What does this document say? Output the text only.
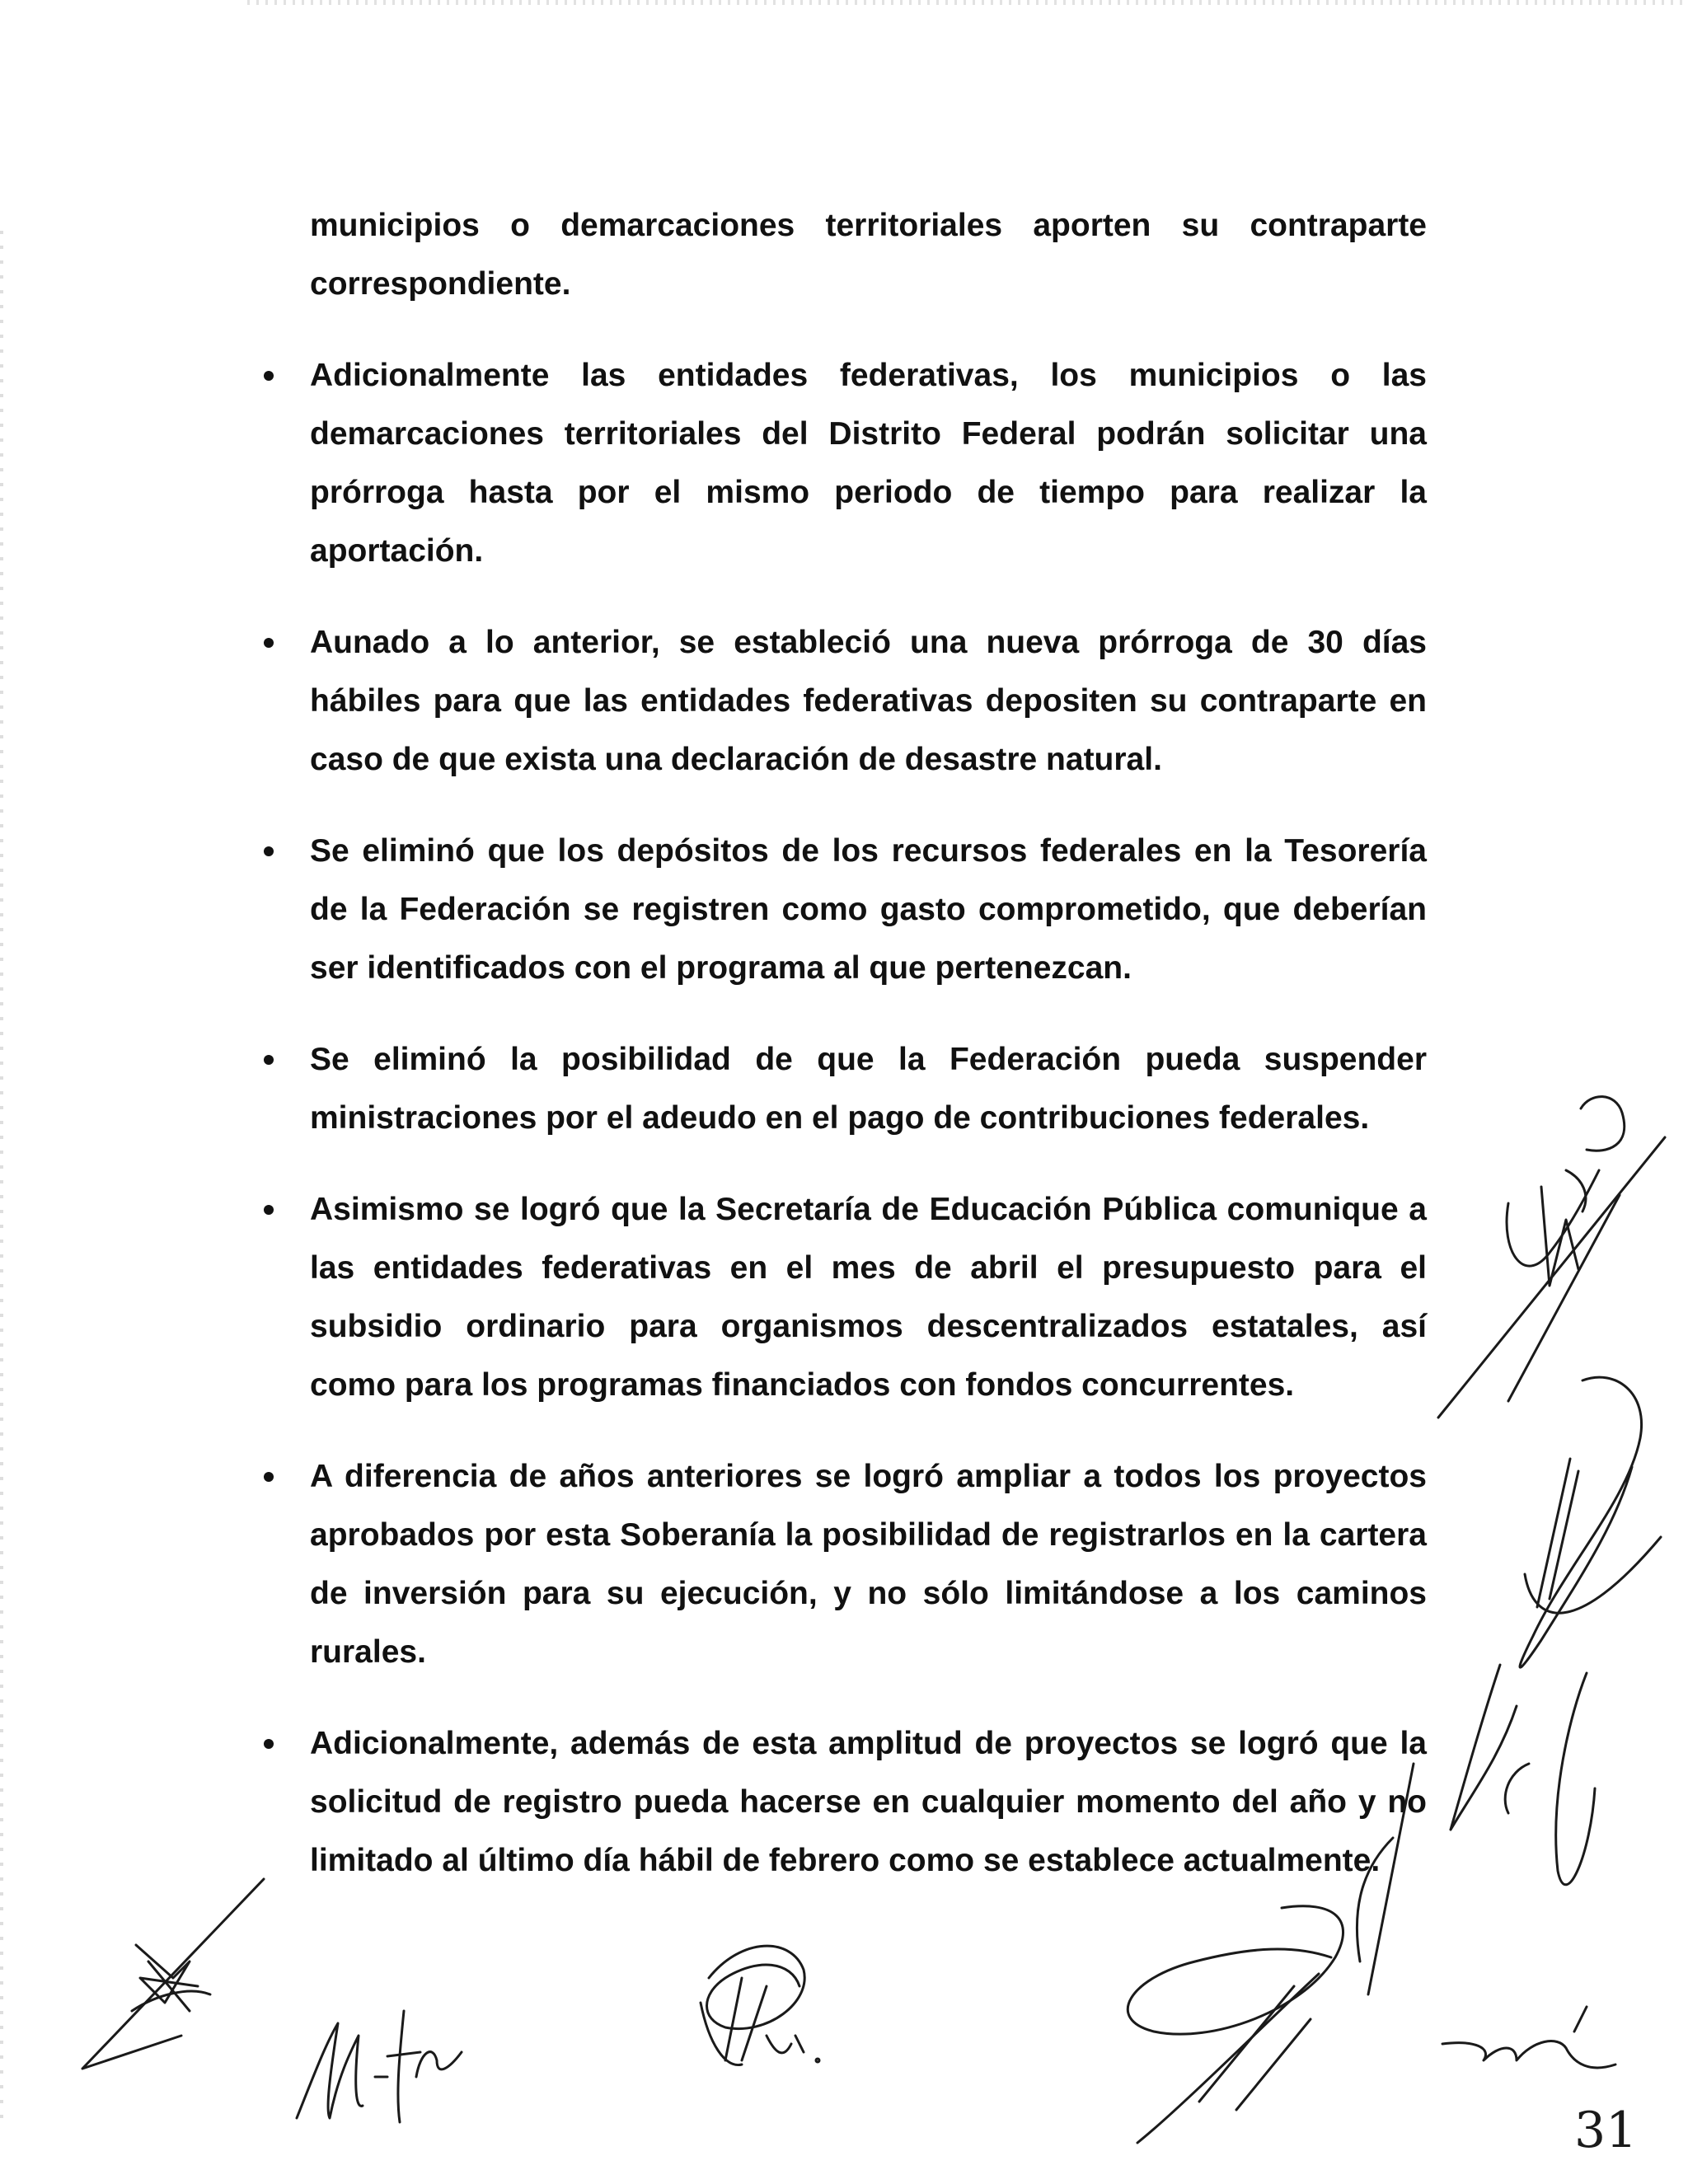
municipios o demarcaciones territoriales aporten su contraparte correspondiente.

Adicionalmente las entidades federativas, los municipios o las demarcaciones territoriales del Distrito Federal podrán solicitar una prórroga hasta por el mismo periodo de tiempo para realizar la aportación.
Aunado a lo anterior, se estableció una nueva prórroga de 30 días hábiles para que las entidades federativas depositen su contraparte en caso de que exista una declaración de desastre natural.
Se eliminó que los depósitos de los recursos federales en la Tesorería de la Federación se registren como gasto comprometido, que deberían ser identificados con el programa al que pertenezcan.
Se eliminó la posibilidad de que la Federación pueda suspender ministraciones por el adeudo en el pago de contribuciones federales.
Asimismo se logró que la Secretaría de Educación Pública comunique a las entidades federativas en el mes de abril el presupuesto para el subsidio ordinario para organismos descentralizados estatales, así como para los programas financiados con fondos concurrentes.
A diferencia de años anteriores se logró ampliar a todos los proyectos aprobados por esta Soberanía la posibilidad de registrarlos en la cartera de inversión para su ejecución, y no sólo limitándose a los caminos rurales.
Adicionalmente, además de esta amplitud de proyectos se logró que la solicitud de registro pueda hacerse en cualquier momento del año y no limitado al último día hábil de febrero como se establece actualmente.
31
